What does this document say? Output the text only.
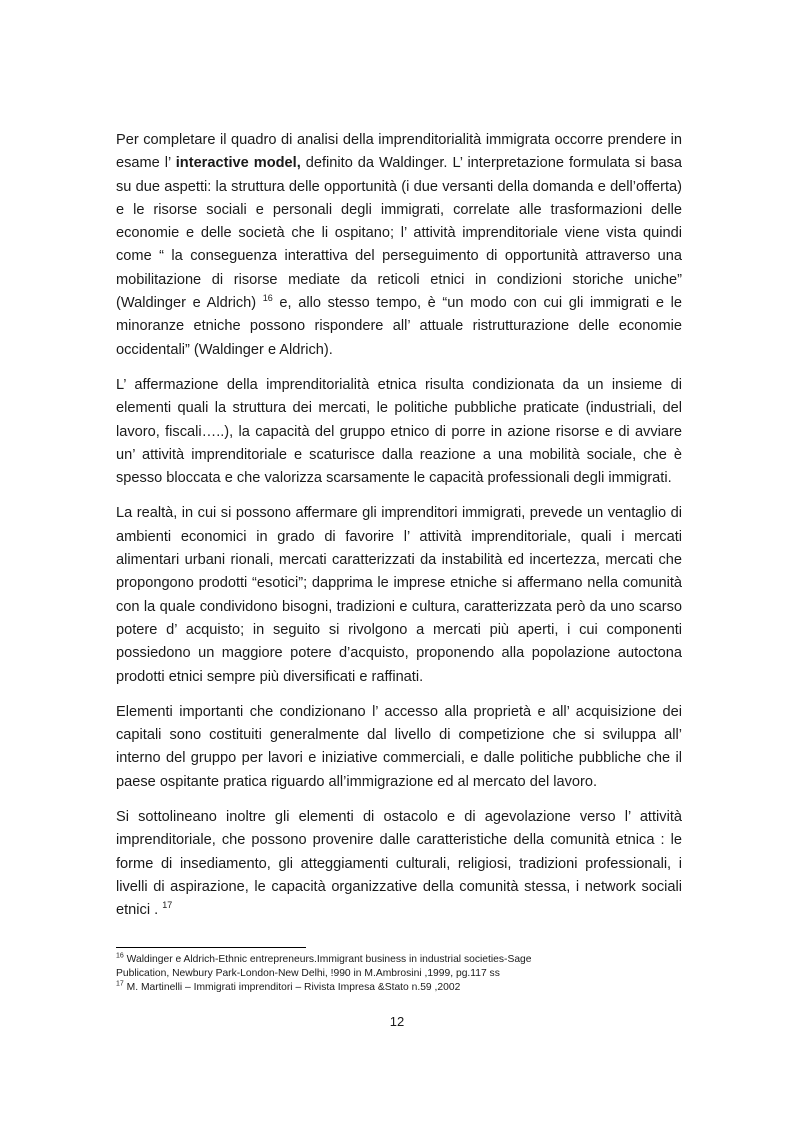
Per completare il quadro di analisi della imprenditorialità immigrata occorre prendere in esame l’ interactive model, definito da Waldinger. L’ interpretazione formulata si basa su due aspetti: la struttura delle opportunità (i due versanti della domanda e dell’offerta) e le risorse sociali e personali degli immigrati, correlate alle trasformazioni delle economie e delle società che li ospitano; l’ attività imprenditoriale viene vista quindi come “ la conseguenza interattiva del perseguimento di opportunità attraverso una mobilitazione di risorse mediate da reticoli etnici in condizioni storiche uniche” (Waldinger e Aldrich) $^{16}$ e, allo stesso tempo, è “un modo con cui gli immigrati e le minoranze etniche possono rispondere all’ attuale ristrutturazione delle economie occidentali” (Waldinger e Aldrich).

L’ affermazione della imprenditorialità etnica risulta condizionata da un insieme di elementi quali la struttura dei mercati, le politiche pubbliche praticate (industriali, del lavoro, fiscali…..), la capacità del gruppo etnico di porre in azione risorse e di avviare un’ attività imprenditoriale e scaturisce dalla reazione a una mobilità sociale, che è spesso bloccata e che valorizza scarsamente le capacità professionali degli immigrati.

La realtà, in cui si possono affermare gli imprenditori immigrati, prevede un ventaglio di ambienti economici in grado di favorire l’ attività imprenditoriale, quali i mercati alimentari urbani rionali, mercati caratterizzati da instabilità ed incertezza, mercati che propongono prodotti “esotici”; dapprima le imprese etniche si affermano nella comunità con la quale condividono bisogni, tradizioni e cultura, caratterizzata però da uno scarso potere d’ acquisto; in seguito si rivolgono a mercati più aperti, i cui componenti possiedono un maggiore potere d’acquisto, proponendo alla popolazione autoctona prodotti etnici sempre più diversificati e raffinati.

Elementi importanti che condizionano l’ accesso alla proprietà e all’ acquisizione dei capitali sono costituiti generalmente dal livello di competizione che si sviluppa all’ interno del gruppo per lavori e iniziative commerciali, e dalle politiche pubbliche che il paese ospitante pratica riguardo all’immigrazione ed al mercato del lavoro.

Si sottolineano inoltre gli elementi di ostacolo e di agevolazione verso l’ attività imprenditoriale, che possono provenire dalle caratteristiche della comunità etnica : le forme di insediamento, gli atteggiamenti culturali, religiosi, tradizioni professionali, i livelli di aspirazione, le capacità organizzative della comunità stessa, i network sociali etnici . $^{17}$

$^{16}$ Waldinger e Aldrich-Ethnic entrepreneurs.Immigrant business in industrial societies-Sage
Publication, Newbury Park-London-New Delhi, !990 in M.Ambrosini ,1999, pg.117 ss
$^{17}$ M. Martinelli – Immigrati imprenditori – Rivista Impresa &Stato n.59 ,2002
12
